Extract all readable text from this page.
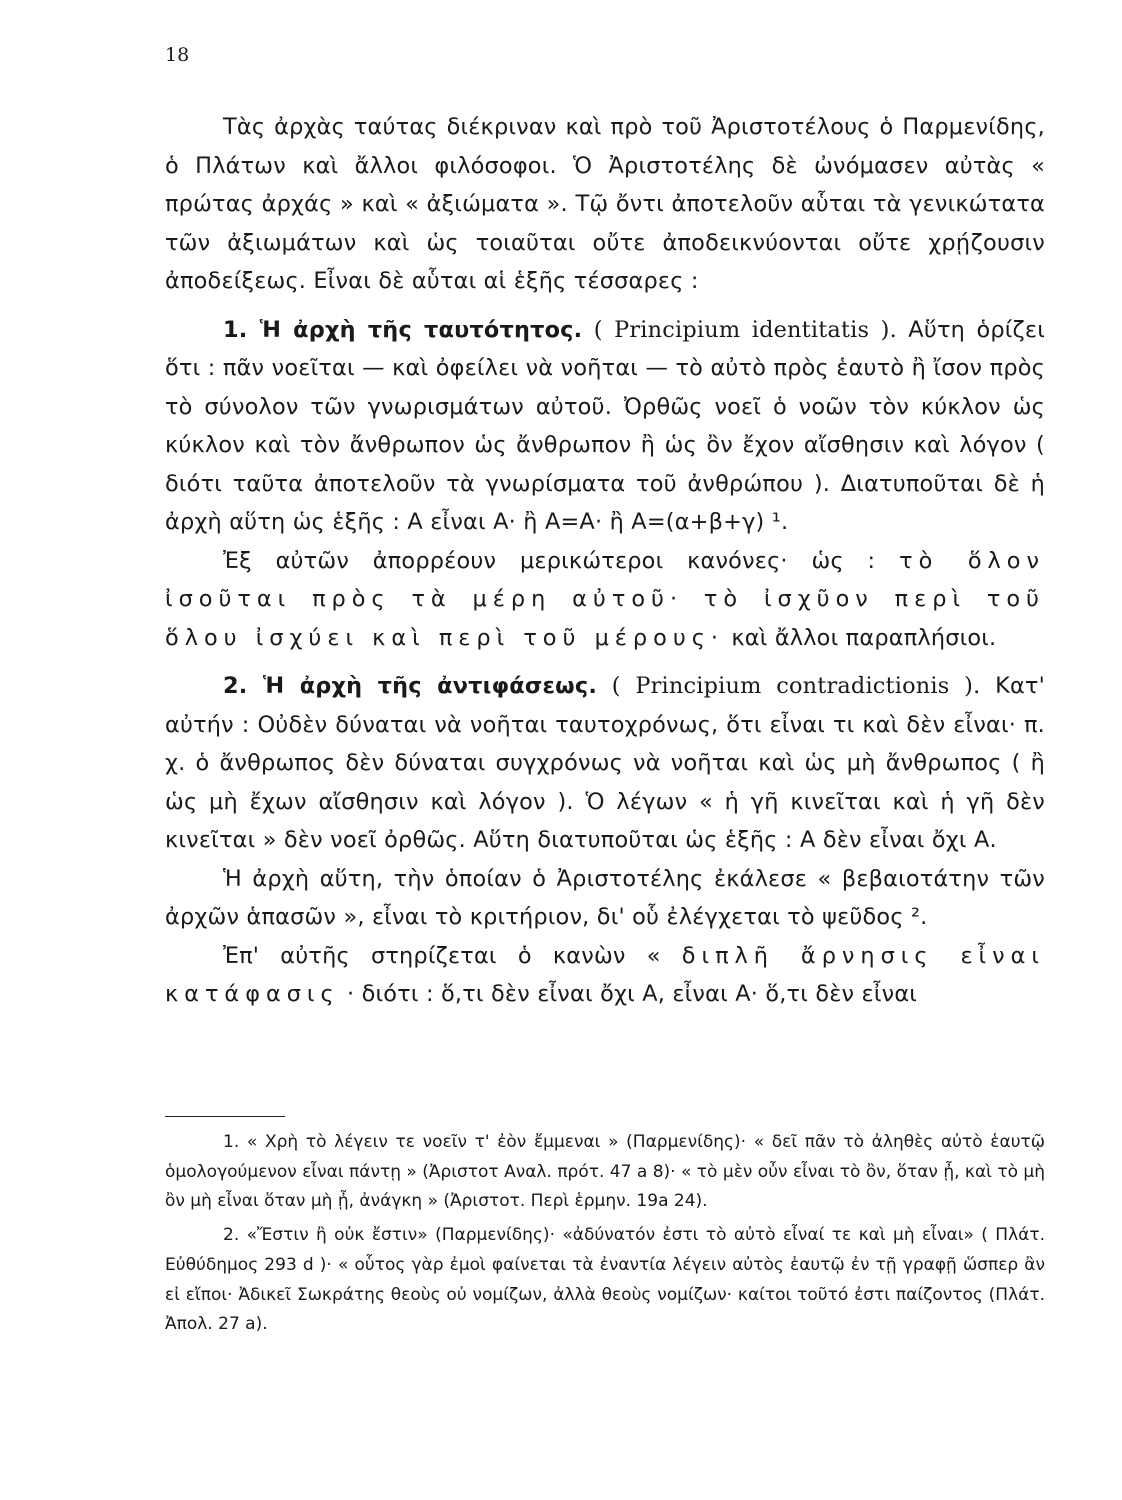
18

Τὰς ἀρχὰς ταύτας διέκριναν καὶ πρὸ τοῦ Ἀριστοτέλους ὁ Παρμενίδης, ὁ Πλάτων καὶ ἄλλοι φιλόσοφοι. Ὁ Ἀριστοτέλης δὲ ὠνόμασεν αὐτὰς « πρώτας ἀρχάς » καὶ « ἀξιώματα ». Τῷ ὄντι ἀποτελοῦν αὗται τὰ γενικώτατα τῶν ἀξιωμάτων καὶ ὡς τοιαῦται οὔτε ἀποδεικνύονται οὔτε χρῄζουσιν ἀποδείξεως. Εἶναι δὲ αὗται αἱ ἑξῆς τέσσαρες :

1. Ἡ ἀρχὴ τῆς ταυτότητος. ( Principium identitatis ). Αὕτη ὁρίζει ὅτι : πᾶν νοεῖται — καὶ ὀφείλει νὰ νοῆται — τὸ αὐτὸ πρὸς ἑαυτὸ ἢ ἴσον πρὸς τὸ σύνολον τῶν γνωρισμάτων αὐτοῦ. Ὀρθῶς νοεῖ ὁ νοῶν τὸν κύκλον ὡς κύκλον καὶ τὸν ἄνθρωπον ὡς ἄνθρωπον ἢ ὡς ὂν ἔχον αἴσθησιν καὶ λόγον ( διότι ταῦτα ἀποτελοῦν τὰ γνωρίσματα τοῦ ἀνθρώπου ). Διατυποῦται δὲ ἡ ἀρχὴ αὕτη ὡς ἑξῆς : Α εἶναι Α· ἢ Α=Α· ἢ Α=(α+β+γ) ¹.

Ἐξ αὐτῶν ἀπορρέουν μερικώτεροι κανόνες· ὡς : τὸ ὅλον ἰσοῦται πρὸς τὰ μέρη αὐτοῦ· τὸ ἰσχῦον περὶ τοῦ ὅλου ἰσχύει καὶ περὶ τοῦ μέρους· καὶ ἄλλοι παραπλήσιοι.

2. Ἡ ἀρχὴ τῆς ἀντιφάσεως. ( Principium contradictionis ). Κατ' αὐτήν : Οὐδὲν δύναται νὰ νοῆται ταυτοχρόνως, ὅτι εἶναι τι καὶ δὲν εἶναι· π. χ. ὁ ἄνθρωπος δὲν δύναται συγχρόνως νὰ νοῆται καὶ ὡς μὴ ἄνθρωπος ( ἢ ὡς μὴ ἔχων αἴσθησιν καὶ λόγον ). Ὁ λέγων « ἡ γῆ κινεῖται καὶ ἡ γῆ δὲν κινεῖται » δὲν νοεῖ ὀρθῶς. Αὕτη διατυποῦται ὡς ἑξῆς : Α δὲν εἶναι ὄχι Α.

Ἡ ἀρχὴ αὕτη, τὴν ὁποίαν ὁ Ἀριστοτέλης ἐκάλεσε « βεβαιοτάτην τῶν ἀρχῶν ἁπασῶν », εἶναι τὸ κριτήριον, δι' οὗ ἐλέγχεται τὸ ψεῦδος ².

Ἐπ' αὐτῆς στηρίζεται ὁ κανὼν « διπλῆ ἄρνησις εἶναι κατάφασις · διότι : ὅ,τι δὲν εἶναι ὄχι Α, εἶναι Α· ὅ,τι δὲν εἶναι

1. « Χρὴ τὸ λέγειν τε νοεῖν τ' ἐὸν ἔμμεναι » (Παρμενίδης)· « δεῖ πᾶν τὸ ἀληθὲς αὐτὸ ἑαυτῷ ὁμολογούμενον εἶναι πάντῃ » (Ἀριστοτ Αναλ. πρότ. 47 a 8)· « τὸ μὲν οὖν εἶναι τὸ ὂν, ὅταν ᾖ, καὶ τὸ μὴ ὂν μὴ εἶναι ὅταν μὴ ᾖ, ἀνάγκη » (Ἀριστοτ. Περὶ ἑρμην. 19a 24).

2. «Ἔστιν ἢ οὐκ ἔστιν» (Παρμενίδης)· «ἀδύνατόν ἐστι τὸ αὐτὸ εἶναί τε καὶ μὴ εἶναι» ( Πλάτ. Εὐθύδημος 293 d )· « οὗτος γὰρ ἐμοὶ φαίνεται τὰ ἐναντία λέγειν αὐτὸς ἑαυτῷ ἐν τῇ γραφῇ ὥσπερ ἂν εἰ εἴποι· Ἀδικεῖ Σωκράτης θεοὺς οὐ νομίζων, ἀλλὰ θεοὺς νομίζων· καίτοι τοῦτό ἐστι παίζοντος (Πλάτ. Ἀπολ. 27 a).
